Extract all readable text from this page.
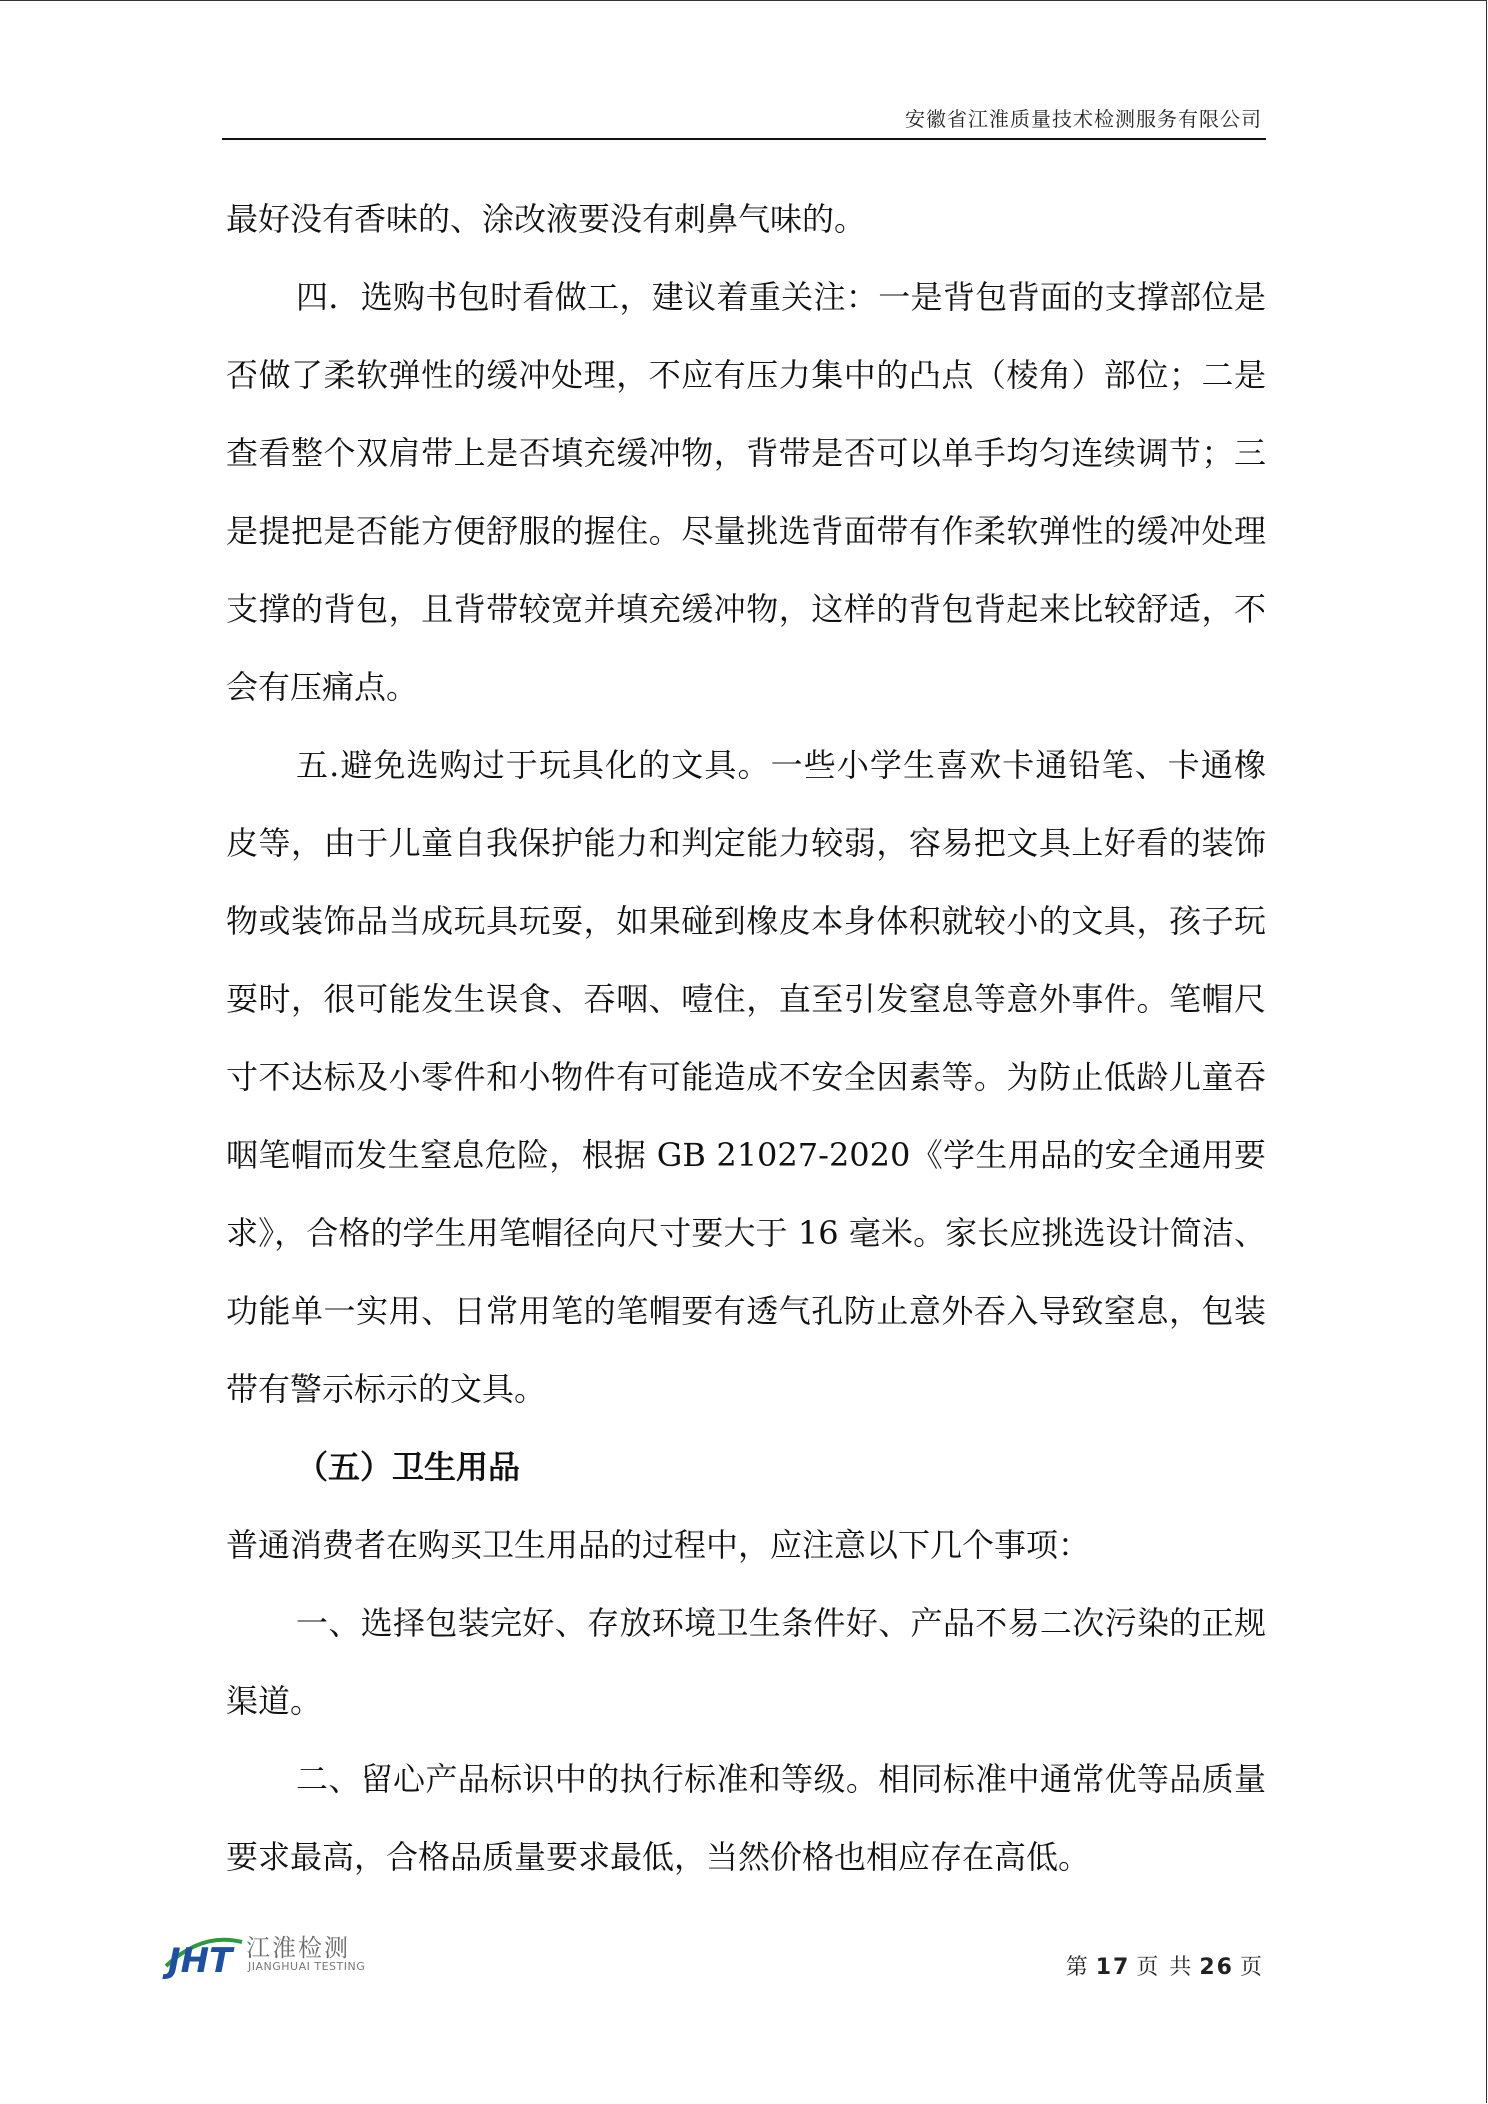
安徽省江淮质量技术检测服务有限公司

最好没有香味的、涂改液要没有刺鼻气味的。

四．选购书包时看做工，建议着重关注：一是背包背面的支撑部位是否做了柔软弹性的缓冲处理，不应有压力集中的凸点（棱角）部位；二是查看整个双肩带上是否填充缓冲物，背带是否可以单手均匀连续调节；三是提把是否能方便舒服的握住。尽量挑选背面带有作柔软弹性的缓冲处理支撑的背包，且背带较宽并填充缓冲物，这样的背包背起来比较舒适，不会有压痛点。

五.避免选购过于玩具化的文具。一些小学生喜欢卡通铅笔、卡通橡皮等，由于儿童自我保护能力和判定能力较弱，容易把文具上好看的装饰物或装饰品当成玩具玩耍，如果碰到橡皮本身体积就较小的文具，孩子玩耍时，很可能发生误食、吞咽、噎住，直至引发窒息等意外事件。笔帽尺寸不达标及小零件和小物件有可能造成不安全因素等。为防止低龄儿童吞咽笔帽而发生窒息危险，根据 GB 21027-2020《学生用品的安全通用要求》，合格的学生用笔帽径向尺寸要大于 16 毫米。家长应挑选设计简洁、功能单一实用、日常用笔的笔帽要有透气孔防止意外吞入导致窒息，包装带有警示标示的文具。

（五）卫生用品

普通消费者在购买卫生用品的过程中，应注意以下几个事项：

一、选择包装完好、存放环境卫生条件好、产品不易二次污染的正规渠道。

二、留心产品标识中的执行标准和等级。相同标准中通常优等品质量要求最高，合格品质量要求最低，当然价格也相应存在高低。

JHT 江淮检测
JIANGHUAI TESTING	第 17 页 共 26 页
